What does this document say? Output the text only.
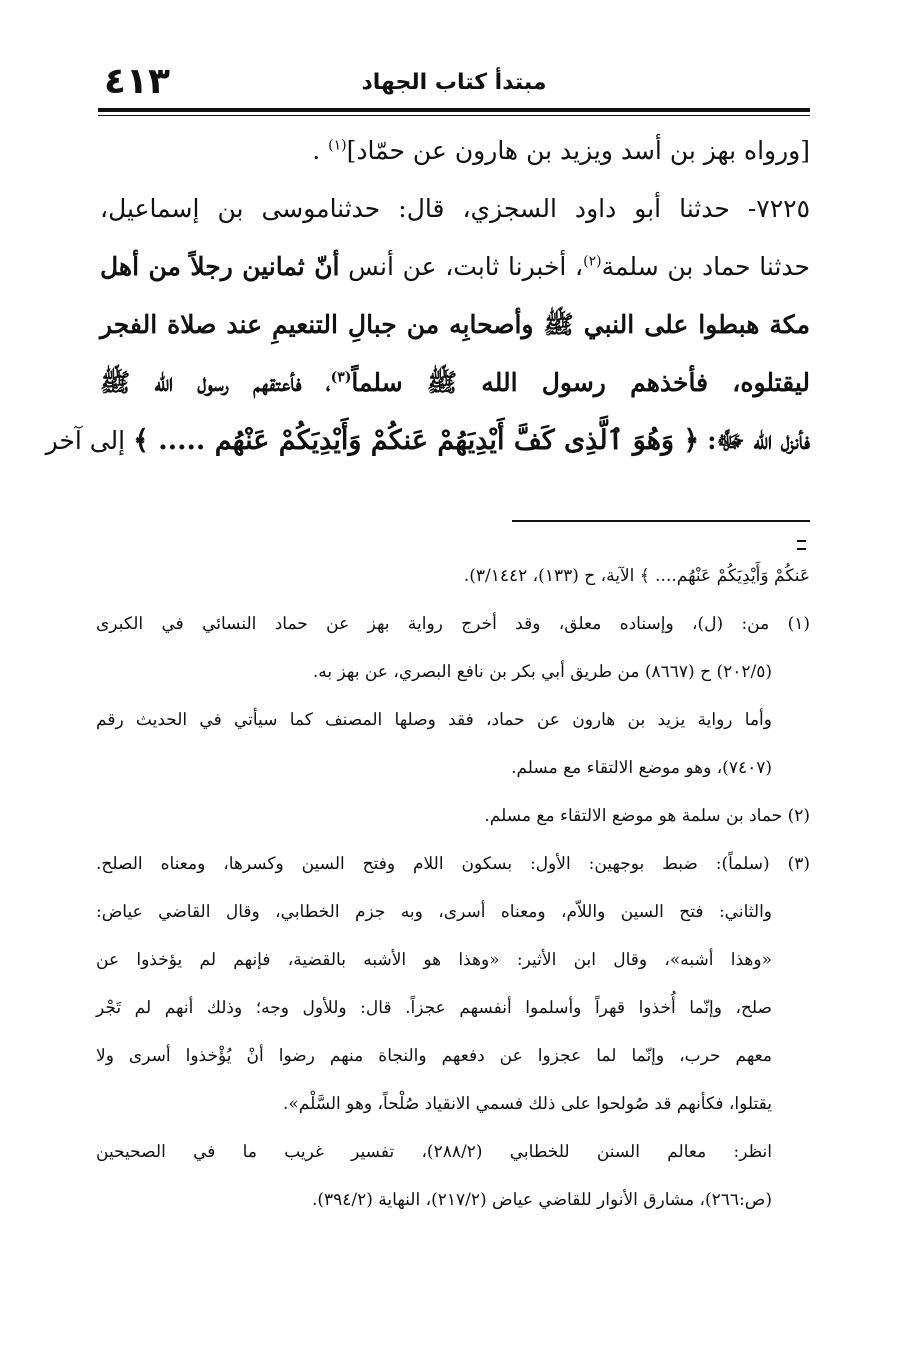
٤١٣	مبتدأ كتاب الجهاد
[ورواه بهز بن أسد ويزيد بن هارون عن حمّاد]$^{(١)}$ .
٧٢٢٥- حدثنا أبو داود السجزي، قال: حدثناموسى بن إسماعيل،
حدثنا حماد بن سلمة$^{(٢)}$، أخبرنا ثابت، عن أنس أنّ ثمانين رجلاً من أهل
مكة هبطوا على النبي ﷺ وأصحابِه من جبالِ التنعيمِ عند صلاة الفجر
ليقتلوه، فأخذهم رسول الله ﷺ سلماً$^{(٣)}$، فأعتقهم رسول الله ﷺ
فأنزل الله ﷻ: ﴿ وَهُوَ ٱلَّذِى كَفَّ أَيْدِيَهُمْ عَنكُمْ وَأَيْدِيَكُمْ عَنْهُم ..... ﴾ إلى آخر
عَنكُمْ وَأَيْدِيَكُمْ عَنْهُم.... ﴾ الآية، ح (١٣٣)، ٣/١٤٤٢).
(١) من: (ل)، وإسناده معلق، وقد أخرج رواية بهز عن حماد النسائي في الكبرى
(٢٠٢/٥) ح (٨٦٦٧) من طريق أبي بكر بن نافع البصري، عن بهز به.
وأما رواية يزيد بن هارون عن حماد، فقد وصلها المصنف كما سيأتي في الحديث رقم
(٧٤٠٧)، وهو موضع الالتقاء مع مسلم.
(٢) حماد بن سلمة هو موضع الالتقاء مع مسلم.
(٣) (سلماً): ضبط بوجهين: الأول: بسكون اللام وفتح السين وكسرها، ومعناه الصلح.
والثاني: فتح السين واللاّم، ومعناه أسرى، وبه جزم الخطابي، وقال القاضي عياض:
«وهذا أشبه»، وقال ابن الأثير: «وهذا هو الأشبه بالقضية، فإنهم لم يؤخذوا عن
صلح، وإنّما أُخذوا قهراً وأسلموا أنفسهم عجزاً. قال: وللأول وجه؛ وذلك أنهم لم تَجْر
معهم حرب، وإنّما لما عجزوا عن دفعهم والنجاة منهم رضوا أنْ يُؤْخذوا أسرى ولا
يقتلوا، فكأنهم قد صُولحوا على ذلك فسمي الانقياد صُلْحاً، وهو السَّلْم».
انظر: معالم السنن للخطابي (٢٨٨/٢)، تفسير غريب ما في الصحيحين
(ص:٢٦٦)، مشارق الأنوار للقاضي عياض (٢١٧/٢)، النهاية (٣٩٤/٢).
